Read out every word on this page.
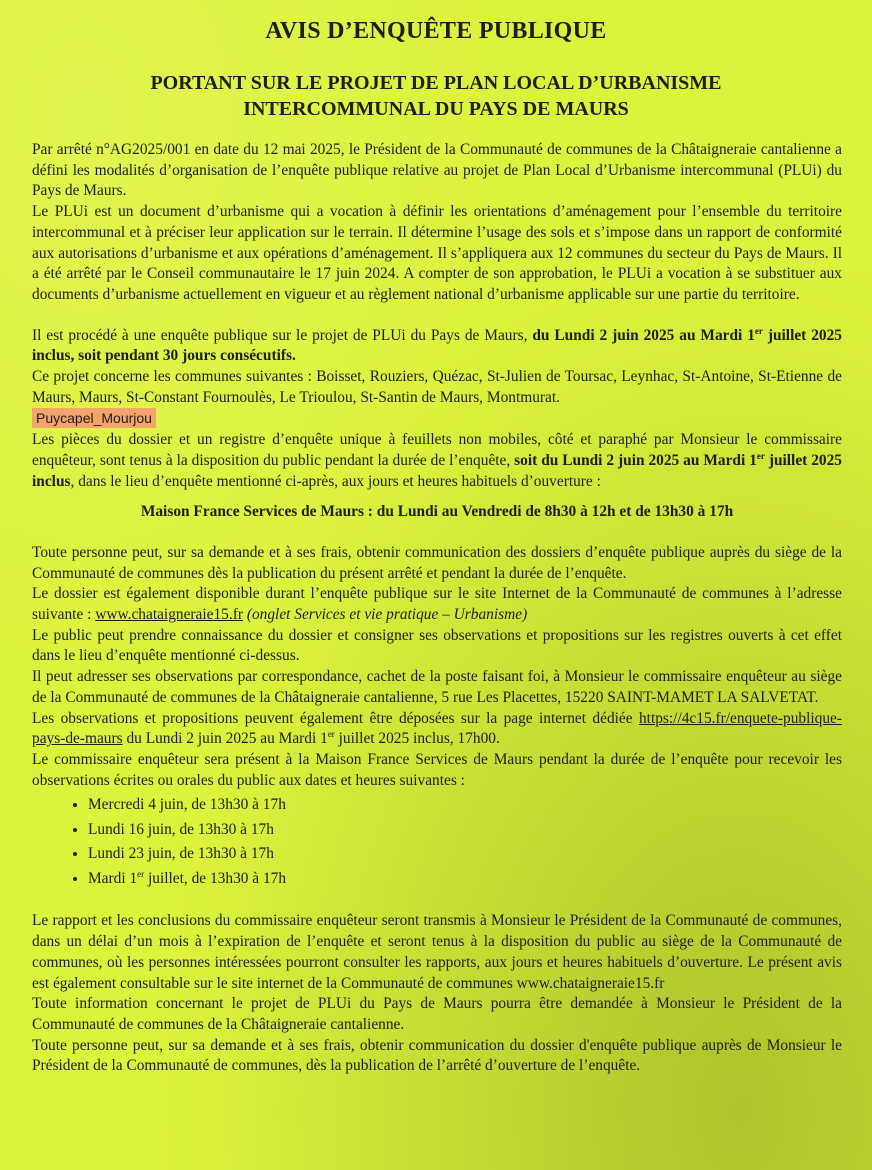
AVIS D’ENQUÊTE PUBLIQUE
PORTANT SUR LE PROJET DE PLAN LOCAL D’URBANISME
INTERCOMMUNAL DU PAYS DE MAURS

Par arrêté n°AG2025/001 en date du 12 mai 2025, le Président de la Communauté de communes de la Châtaigneraie cantalienne a défini les modalités d’organisation de l’enquête publique relative au projet de Plan Local d’Urbanisme intercommunal (PLUi) du Pays de Maurs.

Le PLUi est un document d’urbanisme qui a vocation à définir les orientations d’aménagement pour l’ensemble du territoire intercommunal et à préciser leur application sur le terrain. Il détermine l’usage des sols et s’impose dans un rapport de conformité aux autorisations d’urbanisme et aux opérations d’aménagement. Il s’appliquera aux 12 communes du secteur du Pays de Maurs. Il a été arrêté par le Conseil communautaire le 17 juin 2024. A compter de son approbation, le PLUi a vocation à se substituer aux documents d’urbanisme actuellement en vigueur et au règlement national d’urbanisme applicable sur une partie du territoire.

Il est procédé à une enquête publique sur le projet de PLUi du Pays de Maurs, du Lundi 2 juin 2025 au Mardi 1er juillet 2025 inclus, soit pendant 30 jours consécutifs.

Ce projet concerne les communes suivantes : Boisset, Rouziers, Quézac, St-Julien de Toursac, Leynhac, St-Antoine, St-Etienne de Maurs, Maurs, St-Constant Fournoulès, Le Trioulou, St-Santin de Maurs, Montmurat.

Puycapel_Mourjou

Les pièces du dossier et un registre d’enquête unique à feuillets non mobiles, côté et paraphé par Monsieur le commissaire enquêteur, sont tenus à la disposition du public pendant la durée de l’enquête, soit du Lundi 2 juin 2025 au Mardi 1er juillet 2025 inclus, dans le lieu d’enquête mentionné ci-après, aux jours et heures habituels d’ouverture :

Maison France Services de Maurs : du Lundi au Vendredi de 8h30 à 12h et de 13h30 à 17h

Toute personne peut, sur sa demande et à ses frais, obtenir communication des dossiers d’enquête publique auprès du siège de la Communauté de communes dès la publication du présent arrêté et pendant la durée de l’enquête.

Le dossier est également disponible durant l’enquête publique sur le site Internet de la Communauté de communes à l’adresse suivante : www.chataigneraie15.fr (onglet Services et vie pratique – Urbanisme)

Le public peut prendre connaissance du dossier et consigner ses observations et propositions sur les registres ouverts à cet effet dans le lieu d’enquête mentionné ci-dessus.

Il peut adresser ses observations par correspondance, cachet de la poste faisant foi, à Monsieur le commissaire enquêteur au siège de la Communauté de communes de la Châtaigneraie cantalienne, 5 rue Les Placettes, 15220 SAINT-MAMET LA SALVETAT.

Les observations et propositions peuvent également être déposées sur la page internet dédiée https://4c15.fr/enquete-publique-pays-de-maurs du Lundi 2 juin 2025 au Mardi 1er juillet 2025 inclus, 17h00.

Le commissaire enquêteur sera présent à la Maison France Services de Maurs pendant la durée de l’enquête pour recevoir les observations écrites ou orales du public aux dates et heures suivantes :

• Mercredi 4 juin, de 13h30 à 17h
• Lundi 16 juin, de 13h30 à 17h
• Lundi 23 juin, de 13h30 à 17h
• Mardi 1er juillet, de 13h30 à 17h

Le rapport et les conclusions du commissaire enquêteur seront transmis à Monsieur le Président de la Communauté de communes, dans un délai d’un mois à l’expiration de l’enquête et seront tenus à la disposition du public au siège de la Communauté de communes, où les personnes intéressées pourront consulter les rapports, aux jours et heures habituels d’ouverture. Le présent avis est également consultable sur le site internet de la Communauté de communes www.chataigneraie15.fr

Toute information concernant le projet de PLUi du Pays de Maurs pourra être demandée à Monsieur le Président de la Communauté de communes de la Châtaigneraie cantalienne.

Toute personne peut, sur sa demande et à ses frais, obtenir communication du dossier d'enquête publique auprès de Monsieur le Président de la Communauté de communes, dès la publication de l’arrêté d’ouverture de l’enquête.
